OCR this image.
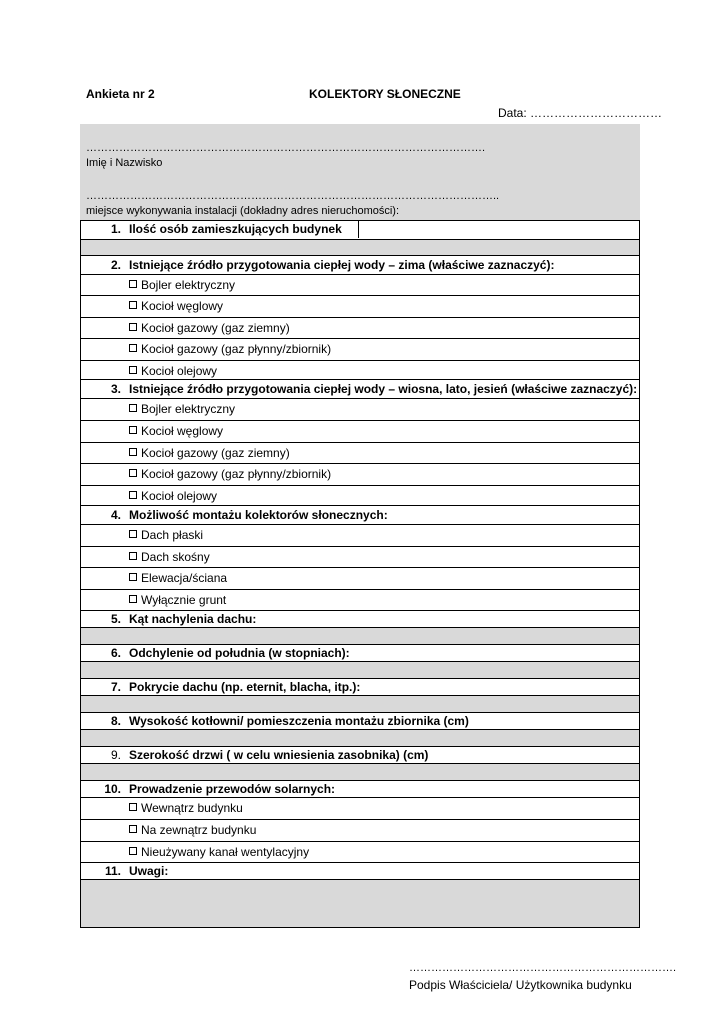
Ankieta nr 2	KOLEKTORY SŁONECZNE
Data: ……………………………
……………………………………………………………………………………………….
Imię i Nazwisko
…………………………………………………………………………………………………..
miejsce wykonywania instalacji (dokładny adres nieruchomości):
1. Ilość osób zamieszkujących budynek
2. Istniejące źródło przygotowania ciepłej wody – zima (właściwe zaznaczyć):
Bojler elektryczny
Kocioł węglowy
Kocioł gazowy (gaz ziemny)
Kocioł gazowy (gaz płynny/zbiornik)
Kocioł olejowy
3. Istniejące źródło przygotowania ciepłej wody – wiosna, lato, jesień (właściwe zaznaczyć):
Bojler elektryczny
Kocioł węglowy
Kocioł gazowy (gaz ziemny)
Kocioł gazowy (gaz płynny/zbiornik)
Kocioł olejowy
4. Możliwość montażu kolektorów słonecznych:
Dach płaski
Dach skośny
Elewacja/ściana
Wyłącznie grunt
5. Kąt nachylenia dachu:
6. Odchylenie od południa (w stopniach):
7. Pokrycie dachu (np. eternit, blacha, itp.):
8. Wysokość kotłowni/ pomieszczenia montażu zbiornika (cm)
9. Szerokość drzwi ( w celu wniesienia zasobnika) (cm)
10. Prowadzenie przewodów solarnych:
Wewnątrz budynku
Na zewnątrz budynku
Nieużywany kanał wentylacyjny
11. Uwagi:
……………………………………………………………….
Podpis Właściciela/ Użytkownika budynku
